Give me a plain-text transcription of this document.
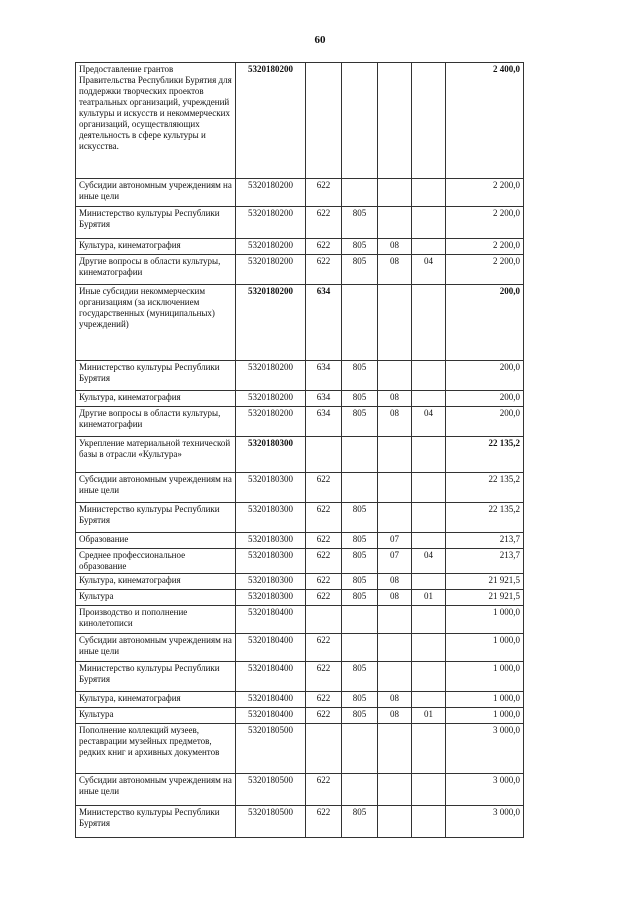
60
Предоставление грантов Правительства Республики Бурятия для поддержки творческих проектов театральных организаций, учреждений культуры и искусств и некоммерческих организаций, осуществляющих деятельность в сфере культуры и искусства.	5320180200					2 400,0
Субсидии автономным учреждениям на иные цели	5320180200	622				2 200,0
Министерство культуры Республики Бурятия	5320180200	622	805			2 200,0
Культура, кинематография	5320180200	622	805	08		2 200,0
Другие вопросы в области культуры, кинематографии	5320180200	622	805	08	04	2 200,0
Иные субсидии некоммерческим организациям (за исключением государственных (муниципальных) учреждений)	5320180200	634				200,0
Министерство культуры Республики Бурятия	5320180200	634	805			200,0
Культура, кинематография	5320180200	634	805	08		200,0
Другие вопросы в области культуры, кинематографии	5320180200	634	805	08	04	200,0
Укрепление материальной технической базы в отрасли «Культура»	5320180300					22 135,2
Субсидии автономным учреждениям на иные цели	5320180300	622				22 135,2
Министерство культуры Республики Бурятия	5320180300	622	805			22 135,2
Образование	5320180300	622	805	07		213,7
Среднее профессиональное образование	5320180300	622	805	07	04	213,7
Культура, кинематография	5320180300	622	805	08		21 921,5
Культура	5320180300	622	805	08	01	21 921,5
Производство и пополнение кинолетописи	5320180400					1 000,0
Субсидии автономным учреждениям на иные цели	5320180400	622				1 000,0
Министерство культуры Республики Бурятия	5320180400	622	805			1 000,0
Культура, кинематография	5320180400	622	805	08		1 000,0
Культура	5320180400	622	805	08	01	1 000,0
Пополнение коллекций музеев, реставрации музейных предметов, редких книг и архивных документов	5320180500					3 000,0
Субсидии автономным учреждениям на иные цели	5320180500	622				3 000,0
Министерство культуры Республики Бурятия	5320180500	622	805			3 000,0
